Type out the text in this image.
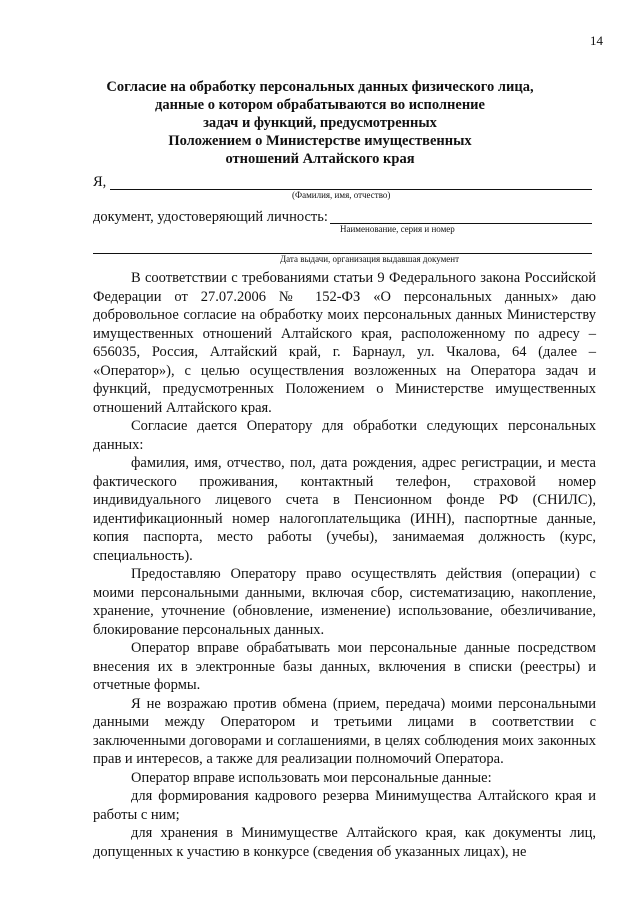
14
Согласие на обработку персональных данных физического лица,
данные о котором обрабатываются во исполнение
задач и функций, предусмотренных
Положением о Министерстве имущественных
отношений Алтайского края
Я,
(Фамилия, имя, отчество)
документ, удостоверяющий личность:
Наименование, серия и номер
Дата выдачи, организация выдавшая документ

В соответствии с требованиями статьи 9 Федерального закона Российской Федерации от 27.07.2006 № 152-ФЗ «О персональных данных» даю добровольное согласие на обработку моих персональных данных Министерству имущественных отношений Алтайского края, расположенному по адресу – 656035, Россия, Алтайский край, г. Барнаул, ул. Чкалова, 64 (далее – «Оператор»), с целью осуществления возложенных на Оператора задач и функций, предусмотренных Положением о Министерстве имущественных отношений Алтайского края.

Согласие дается Оператору для обработки следующих персональных данных:

фамилия, имя, отчество, пол, дата рождения, адрес регистрации, и места фактического проживания, контактный телефон, страховой номер индивидуального лицевого счета в Пенсионном фонде РФ (СНИЛС), идентификационный номер налогоплательщика (ИНН), паспортные данные, копия паспорта, место работы (учебы), занимаемая должность (курс, специальность).

Предоставляю Оператору право осуществлять действия (операции) с моими персональными данными, включая сбор, систематизацию, накопление, хранение, уточнение (обновление, изменение) использование, обезличивание, блокирование персональных данных.

Оператор вправе обрабатывать мои персональные данные посредством внесения их в электронные базы данных, включения в списки (реестры) и отчетные формы.

Я не возражаю против обмена (прием, передача) моими персональными данными между Оператором и третьими лицами в соответствии с заключенными договорами и соглашениями, в целях соблюдения моих законных прав и интересов, а также для реализации полномочий Оператора.

Оператор вправе использовать мои персональные данные:

для формирования кадрового резерва Минимущества Алтайского края и работы с ним;

для хранения в Минимуществе Алтайского края, как документы лиц, допущенных к участию в конкурсе (сведения об указанных лицах), не
